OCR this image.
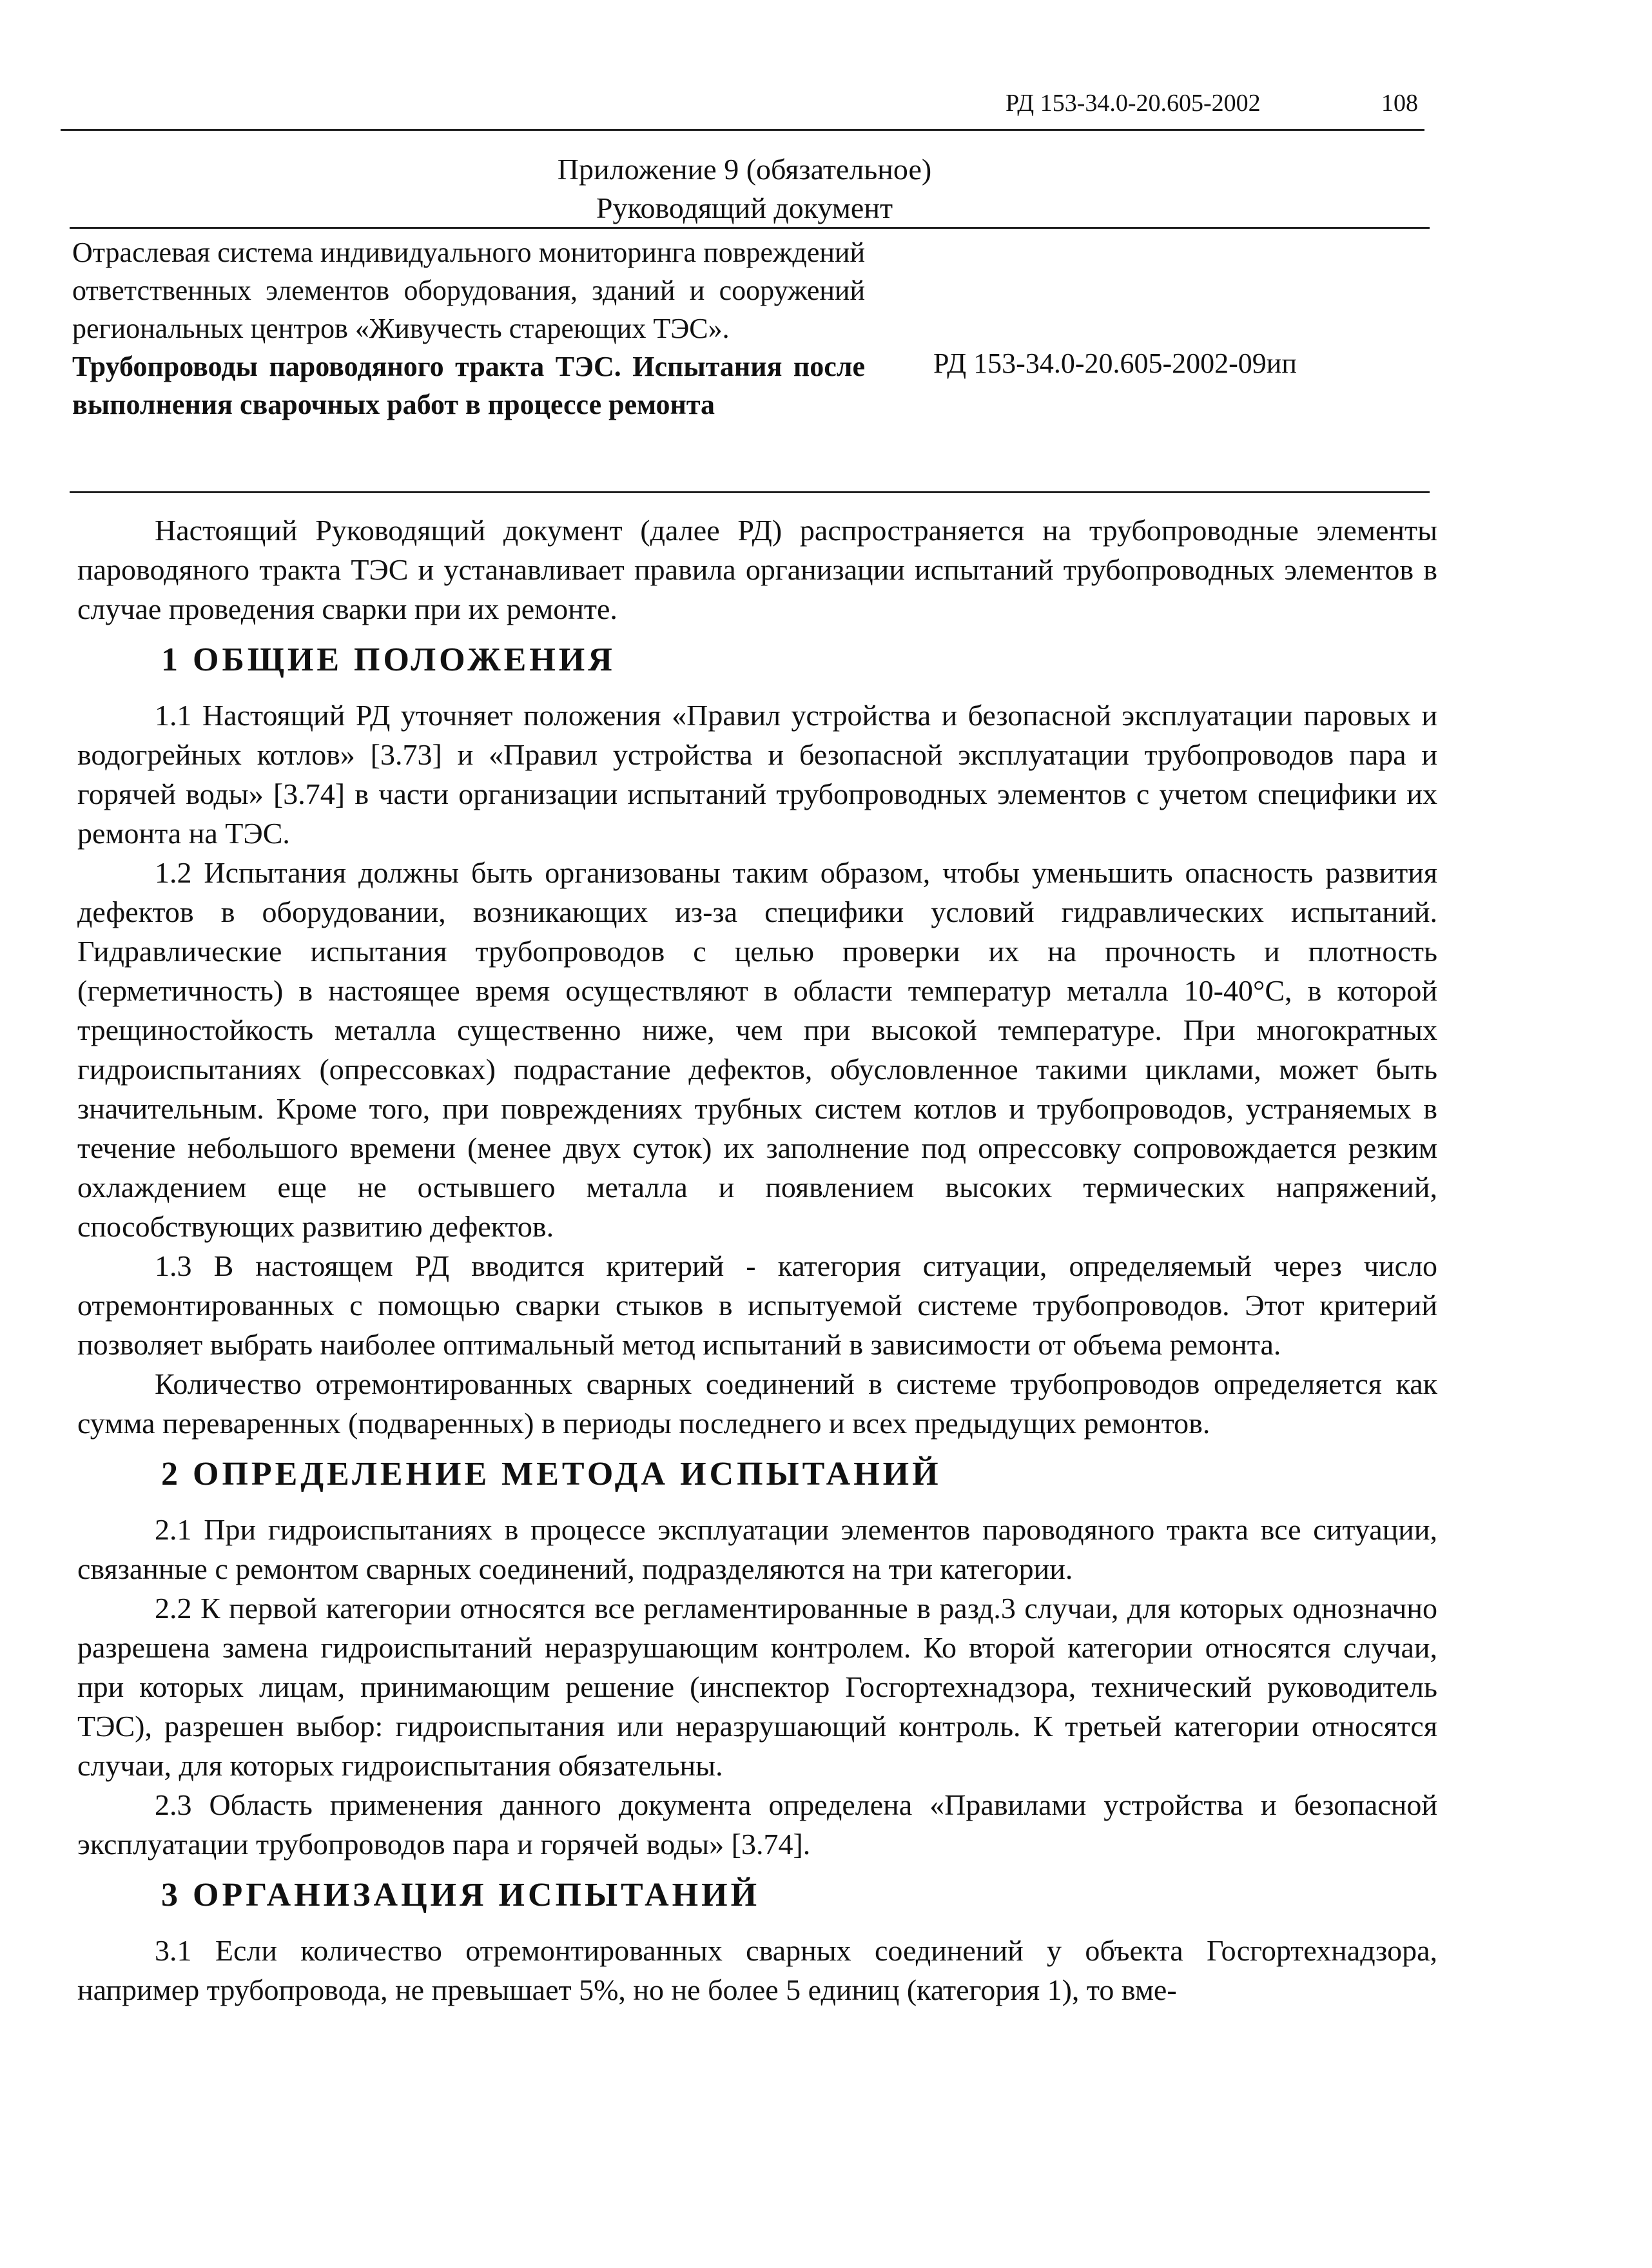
РД 153-34.0-20.605-2002	108
Приложение 9 (обязательное)
Руководящий документ

Отраслевая система индивидуального мониторинга повреждений ответственных элементов оборудования, зданий и сооружений региональных центров «Живучесть стареющих ТЭС».

Трубопроводы пароводяного тракта ТЭС. Испытания после выполнения сварочных работ в процессе ремонта

РД 153-34.0-20.605-2002-09ип

Настоящий Руководящий документ (далее РД) распространяется на трубопроводные элементы пароводяного тракта ТЭС и устанавливает правила организации испытаний трубопроводных элементов в случае проведения сварки при их ремонте.

1 ОБЩИЕ ПОЛОЖЕНИЯ

1.1 Настоящий РД уточняет положения «Правил устройства и безопасной эксплуатации паровых и водогрейных котлов» [3.73] и «Правил устройства и безопасной эксплуатации трубопроводов пара и горячей воды» [3.74] в части организации испытаний трубопроводных элементов с учетом специфики их ремонта на ТЭС.

1.2 Испытания должны быть организованы таким образом, чтобы уменьшить опасность развития дефектов в оборудовании, возникающих из-за специфики условий гидравлических испытаний. Гидравлические испытания трубопроводов с целью проверки их на прочность и плотность (герметичность) в настоящее время осуществляют в области температур металла 10-40°С, в которой трещиностойкость металла существенно ниже, чем при высокой температуре. При многократных гидроиспытаниях (опрессовках) подрастание дефектов, обусловленное такими циклами, может быть значительным. Кроме того, при повреждениях трубных систем котлов и трубопроводов, устраняемых в течение небольшого времени (менее двух суток) их заполнение под опрессовку сопровождается резким охлаждением еще не остывшего металла и появлением высоких термических напряжений, способствующих развитию дефектов.

1.3 В настоящем РД вводится критерий - категория ситуации, определяемый через число отремонтированных с помощью сварки стыков в испытуемой системе трубопроводов. Этот критерий позволяет выбрать наиболее оптимальный метод испытаний в зависимости от объема ремонта.

Количество отремонтированных сварных соединений в системе трубопроводов определяется как сумма переваренных (подваренных) в периоды последнего и всех предыдущих ремонтов.

2 ОПРЕДЕЛЕНИЕ МЕТОДА ИСПЫТАНИЙ

2.1 При гидроиспытаниях в процессе эксплуатации элементов пароводяного тракта все ситуации, связанные с ремонтом сварных соединений, подразделяются на три категории.

2.2 К первой категории относятся все регламентированные в разд.3 случаи, для которых однозначно разрешена замена гидроиспытаний неразрушающим контролем. Ко второй категории относятся случаи, при которых лицам, принимающим решение (инспектор Госгортехнадзора, технический руководитель ТЭС), разрешен выбор: гидроиспытания или неразрушающий контроль. К третьей категории относятся случаи, для которых гидроиспытания обязательны.

2.3 Область применения данного документа определена «Правилами устройства и безопасной эксплуатации трубопроводов пара и горячей воды» [3.74].

3 ОРГАНИЗАЦИЯ ИСПЫТАНИЙ

3.1 Если количество отремонтированных сварных соединений у объекта Госгортехнадзора, например трубопровода, не превышает 5%, но не более 5 единиц (категория 1), то вме-
